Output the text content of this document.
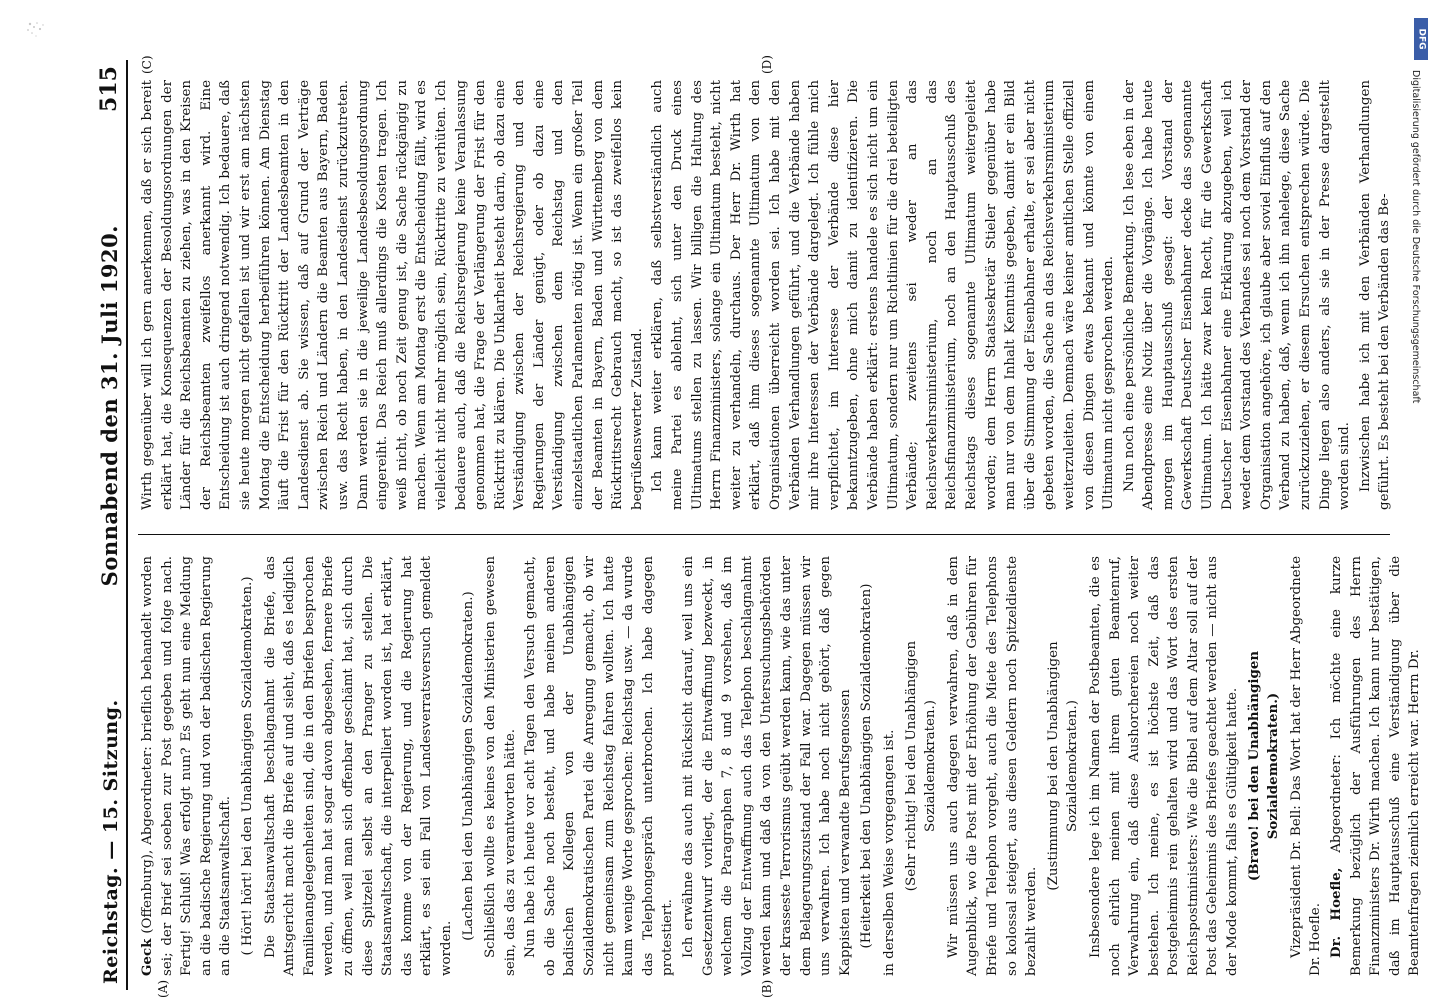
Reichstag. — 15. Sitzung.
Sonnabend den 31. Juli 1920.
515
(A)	(B)
(C)	(D)

Geck (Offenburg), Abgeordneter: brieflich behandelt worden sei; der Brief sei soeben zur Post gegeben und folge nach. Fertig! Schluß! Was erfolgt nun? Es geht nun eine Meldung an die badische Regierung und von der badischen Regierung an die Staatsanwaltschaft. ( Hört! hört! bei den Unabhängigen Sozialdemokraten.) Die Staatsanwaltschaft beschlagnahmt die Briefe, das Amtsgericht macht die Briefe auf und sieht, daß es lediglich Familienangelegenheiten sind, die in den Briefen besprochen werden, und man hat sogar davon abgesehen, fernere Briefe zu öffnen, weil man sich offenbar geschämt hat, sich durch diese Spitzelei selbst an den Pranger zu stellen. Die Staatsanwaltschaft, die interpelliert worden ist, hat erklärt, das komme von der Regierung, und die Regierung hat erklärt, es sei ein Fall von Landesverratsversuch gemeldet worden.

(Lachen bei den Unabhängigen Sozialdemokraten.) Schließlich wollte es keines von den Ministerien gewesen sein, das das zu verantworten hätte. Nun habe ich heute vor acht Tagen den Versuch gemacht, ob die Sache noch besteht, und habe meinen anderen badischen Kollegen von der Unabhängigen Sozialdemokratischen Partei die Anregung gemacht, ob wir nicht gemeinsam zum Reichstag fahren wollten. Ich hatte kaum wenige Worte gesprochen: Reichstag usw. — da wurde das Telephongespräch unterbrochen. Ich habe dagegen protestiert. Ich erwähne das auch mit Rücksicht darauf, weil uns ein Gesetzentwurf vorliegt, der die Entwaffnung bezweckt, in welchem die Paragraphen 7, 8 und 9 vorsehen, daß im Vollzug der Entwaffnung auch das Telephon beschlagnahmt werden kann und daß da von den Untersuchungsbehörden der krasseste Terrorismus geübt werden kann, wie das unter dem Belagerungszustand der Fall war. Dagegen müssen wir uns verwahren. Ich habe noch nicht gehört, daß gegen Kappisten und verwandte Berufsgenossen (Heiterkeit bei den Unabhängigen Sozialdemokraten) in derselben Weise vorgegangen ist. (Sehr richtig! bei den Unabhängigen Sozialdemokraten.) Wir müssen uns auch dagegen verwahren, daß in dem Augenblick, wo die Post mit der Erhöhung der Gebühren für Briefe und Telephon vorgeht, auch die Miete des Telephons so kolossal steigert, aus diesen Geldern noch Spitzeldienste bezahlt werden.

(Zustimmung bei den Unabhängigen Sozialdemokraten.) Insbesondere lege ich im Namen der Postbeamten, die es noch ehrlich meinen mit ihrem guten Beamtenruf, Verwahrung ein, daß diese Aushorchereien noch weiter bestehen. Ich meine, es ist höchste Zeit, daß das Postgeheimnis rein gehalten wird und das Wort des ersten Reichspostministers: Wie die Bibel auf dem Altar soll auf der Post das Geheimnis des Briefes geachtet werden — nicht aus der Mode kommt, falls es Gültigkeit hatte. (Bravo! bei den Unabhängigen Sozialdemokraten.) Vizepräsident Dr. Bell: Das Wort hat der Herr Abgeordnete Dr. Hoefle. Dr. Hoefle, Abgeordneter: Ich möchte eine kurze Bemerkung bezüglich der Ausführungen des Herrn Finanzministers Dr. Wirth machen. Ich kann nur bestätigen, daß im Hauptausschuß eine Verständigung über die Beamtenfragen ziemlich erreicht war. Herrn Dr.

Wirth gegenüber will ich gern anerkennen, daß er sich bereit erklärt hat, die Konsequenzen der Besoldungsordnungen der Länder für die Reichsbeamten zu ziehen, was in den Kreisen der Reichsbeamten zweifellos anerkannt wird. Eine Entscheidung ist auch dringend notwendig. Ich bedauere, daß sie heute morgen nicht gefallen ist und wir erst am nächsten Montag die Entscheidung herbeiführen können. Am Dienstag läuft die Frist für den Rücktritt der Landesbeamten in den Landesdienst ab. Sie wissen, daß auf Grund der Verträge zwischen Reich und Ländern die Beamten aus Bayern, Baden usw. das Recht haben, in den Landesdienst zurückzutreten. Dann werden sie in die jeweilige Landesbesoldungsordnung eingereiht. Das Reich muß allerdings die Kosten tragen. Ich weiß nicht, ob noch Zeit genug ist, die Sache rückgängig zu machen. Wenn am Montag erst die Entscheidung fällt, wird es vielleicht nicht mehr möglich sein, Rücktritte zu verhüten. Ich bedauere auch, daß die Reichsregierung keine Veranlassung genommen hat, die Frage der Verlängerung der Frist für den Rücktritt zu klären. Die Unklarheit besteht darin, ob dazu eine Verständigung zwischen der Reichsregierung und den Regierungen der Länder genügt, oder ob dazu eine Verständigung zwischen dem Reichstag und den einzelstaatlichen Parlamenten nötig ist. Wenn ein großer Teil der Beamten in Bayern, Baden und Württemberg von dem Rücktrittsrecht Gebrauch macht, so ist das zweifellos kein begrüßenswerter Zustand. Ich kann weiter erklären, daß selbstverständlich auch meine Partei es ablehnt, sich unter den Druck eines Ultimatums stellen zu lassen. Wir billigen die Haltung des Herrn Finanzministers, solange ein Ultimatum besteht, nicht weiter zu verhandeln, durchaus. Der Herr Dr. Wirth hat erklärt, daß ihm dieses sogenannte Ultimatum von den Organisationen überreicht worden sei. Ich habe mit den Verbänden Verhandlungen geführt, und die Verbände haben mir ihre Interessen der Verbände dargelegt. Ich fühle mich verpflichtet, im Interesse der Verbände diese hier bekanntzugeben, ohne mich damit zu identifizieren. Die Verbände haben erklärt: erstens handele es sich nicht um ein Ultimatum, sondern nur um Richtlinien für die drei beteiligten Verbände; zweitens sei weder an das Reichsverkehrsministerium, noch an das Reichsfinanzministerium, noch an den Hauptausschuß des Reichstags dieses sogenannte Ultimatum weitergeleitet worden; dem Herrn Staatssekretär Stieler gegenüber habe man nur von dem Inhalt Kenntnis gegeben, damit er ein Bild über die Stimmung der Eisenbahner erhalte, er sei aber nicht gebeten worden, die Sache an das Reichsverkehrsministerium weiterzuleiten. Demnach wäre keiner amtlichen Stelle offiziell von diesen Dingen etwas bekannt und könnte von einem Ultimatum nicht gesprochen werden. Nun noch eine persönliche Bemerkung. Ich lese eben in der Abendpresse eine Notiz über die Vorgänge. Ich habe heute morgen im Hauptausschuß gesagt: der Vorstand der Gewerkschaft Deutscher Eisenbahner decke das sogenannte Ultimatum. Ich hätte zwar kein Recht, für die Gewerkschaft Deutscher Eisenbahner eine Erklärung abzugeben, weil ich weder dem Vorstand des Verbandes sei noch dem Vorstand der Organisation angehöre, ich glaube aber soviel Einfluß auf den Verband zu haben, daß, wenn ich ihn nahelege, diese Sache zurückzuziehen, er diesem Ersuchen entsprechen würde. Die Dinge liegen also anders, als sie in der Presse dargestellt worden sind. Inzwischen habe ich mit den Verbänden Verhandlungen geführt. Es besteht bei den Verbänden das Be-

DFG
Digitalisierung gefördert durch die Deutsche Forschungsgemeinschaft
